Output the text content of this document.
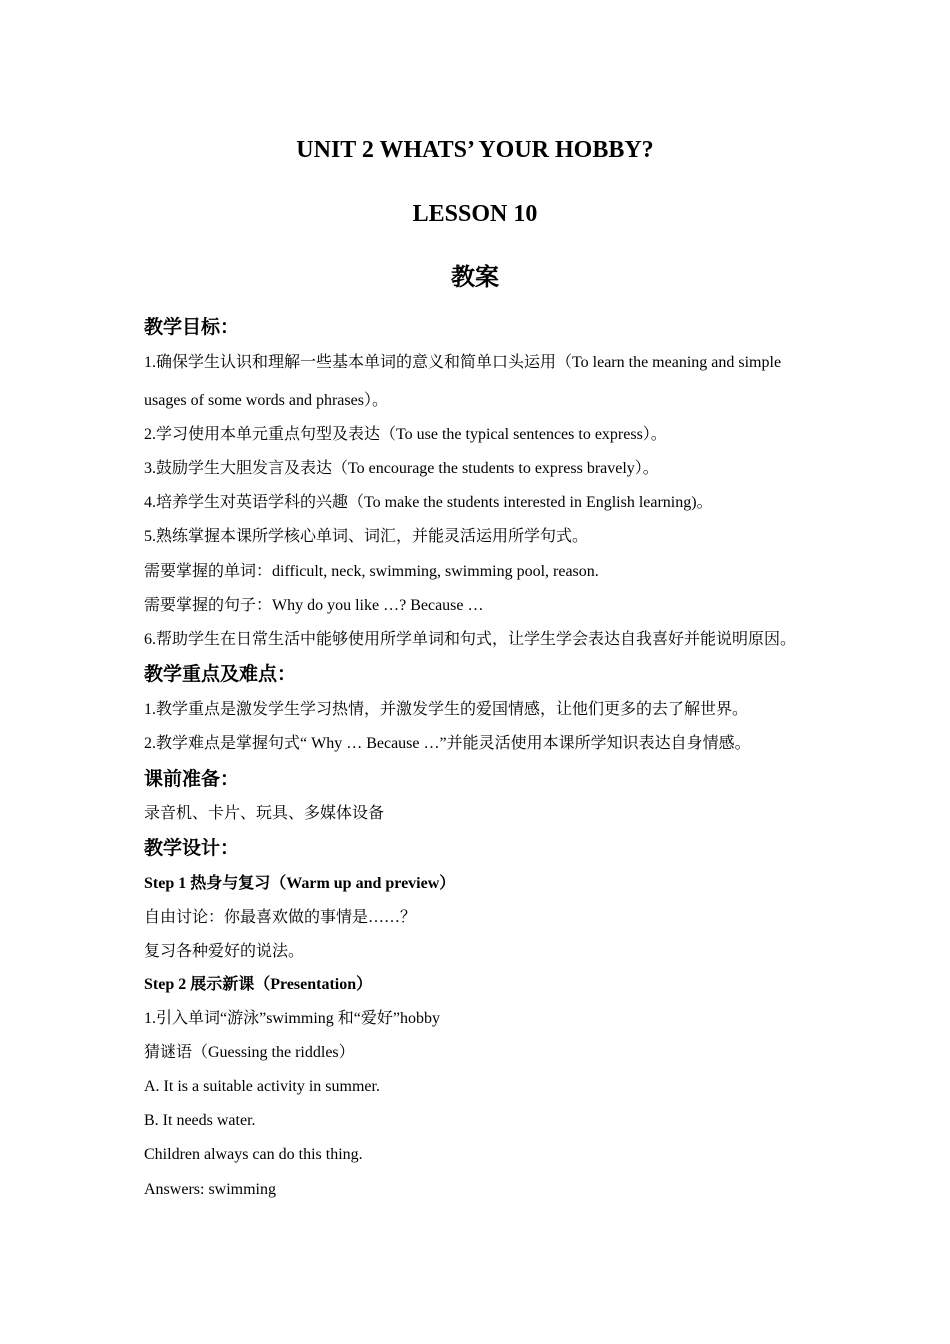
UNIT 2 WHATS’ YOUR HOBBY?
LESSON 10
教案
教学目标：
1.确保学生认识和理解一些基本单词的意义和简单口头运用（To learn the meaning and simple
usages of some words and phrases）。
2.学习使用本单元重点句型及表达（To use the typical sentences to express）。
3.鼓励学生大胆发言及表达（To encourage the students to express bravely）。
4.培养学生对英语学科的兴趣（To make the students interested in English learning)。
5.熟练掌握本课所学核心单词、词汇，并能灵活运用所学句式。
需要掌握的单词：difficult, neck, swimming, swimming pool, reason.
需要掌握的句子：Why do you like …? Because …
6.帮助学生在日常生活中能够使用所学单词和句式，让学生学会表达自我喜好并能说明原因。
教学重点及难点：
1.教学重点是激发学生学习热情，并激发学生的爱国情感，让他们更多的去了解世界。
2.教学难点是掌握句式“ Why … Because …”并能灵活使用本课所学知识表达自身情感。
课前准备：
录音机、卡片、玩具、多媒体设备
教学设计：
Step 1 热身与复习（Warm up and preview）
自由讨论：你最喜欢做的事情是……？
复习各种爱好的说法。
Step 2 展示新课（Presentation）
1.引入单词“游泳”swimming 和“爱好”hobby
猜谜语（Guessing the riddles）
A. It is a suitable activity in summer.
B. It needs water.
Children always can do this thing.
Answers: swimming
